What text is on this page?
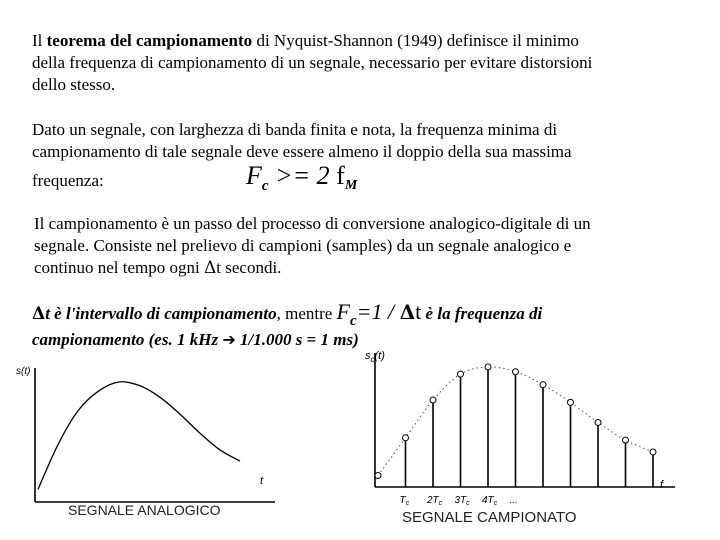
Il teorema del campionamento di Nyquist-Shannon (1949) definisce il minimo
della frequenza di campionamento di un segnale, necessario per evitare distorsioni
dello stesso.
Dato un segnale, con larghezza di banda finita e nota, la frequenza minima di
campionamento di tale segnale deve essere almeno il doppio della sua massima
frequenza:	$F_c >= 2$ fM
Il campionamento è un passo del processo di conversione analogico-digitale di un
segnale. Consiste nel prelievo di campioni (samples) da un segnale analogico e
continuo nel tempo ogni Δt secondi.
Δt è l'intervallo di campionamento, mentre Fc=1 / Δt è la frequenza di
campionamento (es. 1 kHz ➔ 1/1.000 s = 1 ms)
s(t)
t
SEGNALE ANALOGICO
$s_c(t)$
f
$T_c$ $2T_c$ $3T_c$ $4T_c$ ...
SEGNALE CAMPIONATO
